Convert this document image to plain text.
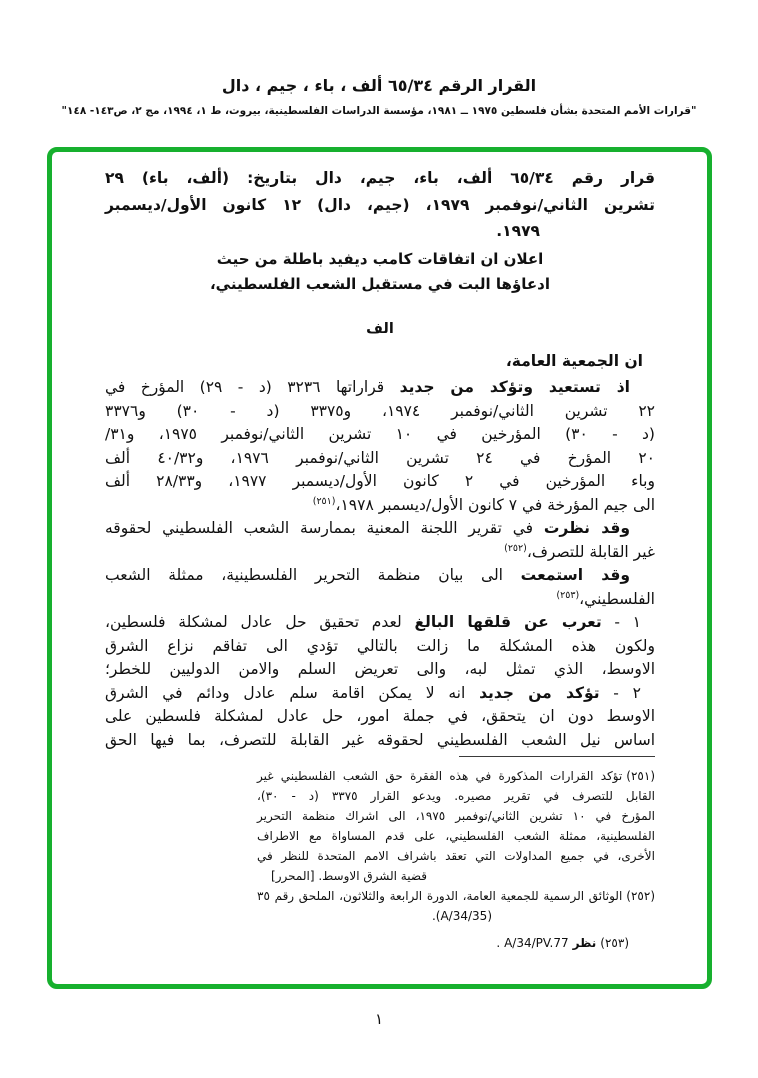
القرار الرقم ٦٥/٣٤ ألف ، باء ، جيم ، دال
"قرارات الأمم المتحدة بشأن فلسطين ١٩٧٥ ــ ١٩٨١، مؤسسة الدراسات الفلسطينية، بيروت، ط ١، ١٩٩٤، مج ٢، ص١٤٣- ١٤٨"
قرار رقم ٦٥/٣٤ ألف، باء، جيم، دال بتاريخ: (ألف، باء) ٢٩
تشرين الثاني/نوفمبر ١٩٧٩، (جيم، دال) ١٢ كانون الأول/ديسمبر
١٩٧٩.
اعلان ان اتفاقات كامب ديفيد باطلة من حيث
ادعاؤها البت في مستقبل الشعب الفلسطيني،
الف
ان الجمعية العامة،
اذ تستعيد وتؤكد من جديد قراراتها ٣٢٣٦ (د - ٢٩) المؤرخ في
٢٢ تشرين الثاني/نوفمبر ١٩٧٤، و٣٣٧٥ (د - ٣٠) و٣٣٧٦
(د - ٣٠) المؤرخين في ١٠ تشرين الثاني/نوفمبر ١٩٧٥، و٣١/
٢٠ المؤرخ في ٢٤ تشرين الثاني/نوفمبر ١٩٧٦، و٤٠/٣٢ ألف
وباء المؤرخين في ٢ كانون الأول/ديسمبر ١٩٧٧، و٢٨/٣٣ ألف
الى جيم المؤرخة في ٧ كانون الأول/ديسمبر ١٩٧٨،$^{(٢٥١)}$
وقد نظرت في تقرير اللجنة المعنية بممارسة الشعب الفلسطيني لحقوقه
غير القابلة للتصرف،$^{(٢٥٢)}$
وقد استمعت الى بيان منظمة التحرير الفلسطينية، ممثلة الشعب
الفلسطيني،$^{(٢٥٣)}$
١ - تعرب عن قلقها البالغ لعدم تحقيق حل عادل لمشكلة فلسطين،
ولكون هذه المشكلة ما زالت بالتالي تؤدي الى تفاقم نزاع الشرق
الاوسط، الذي تمثل لبه، والى تعريض السلم والامن الدوليين للخطر؛
٢ - تؤكد من جديد انه لا يمكن اقامة سلم عادل ودائم في الشرق
الاوسط دون ان يتحقق، في جملة امور، حل عادل لمشكلة فلسطين على
اساس نيل الشعب الفلسطيني لحقوقه غير القابلة للتصرف، بما فيها الحق
(٢٥١)تؤكد القرارات المذكورة في هذه الفقرة حق الشعب الفلسطيني غير
القابل للتصرف في تقرير مصيره. ويدعو القرار ٣٣٧٥ (د - ٣٠)،
المؤرخ في ١٠ تشرين الثاني/نوفمبر ١٩٧٥، الى اشراك منظمة التحرير
الفلسطينية، ممثلة الشعب الفلسطيني، على قدم المساواة مع الاطراف
الأخرى، في جميع المداولات التي تعقد باشراف الامم المتحدة للنظر في
قضية الشرق الاوسط. [المحرر]
(٢٥٢)الوثائق الرسمية للجمعية العامة، الدورة الرابعة والثلاثون، الملحق رقم ٣٥
(A/34/35).
(٢٥٣)نظرA/34/PV.77 .
١
